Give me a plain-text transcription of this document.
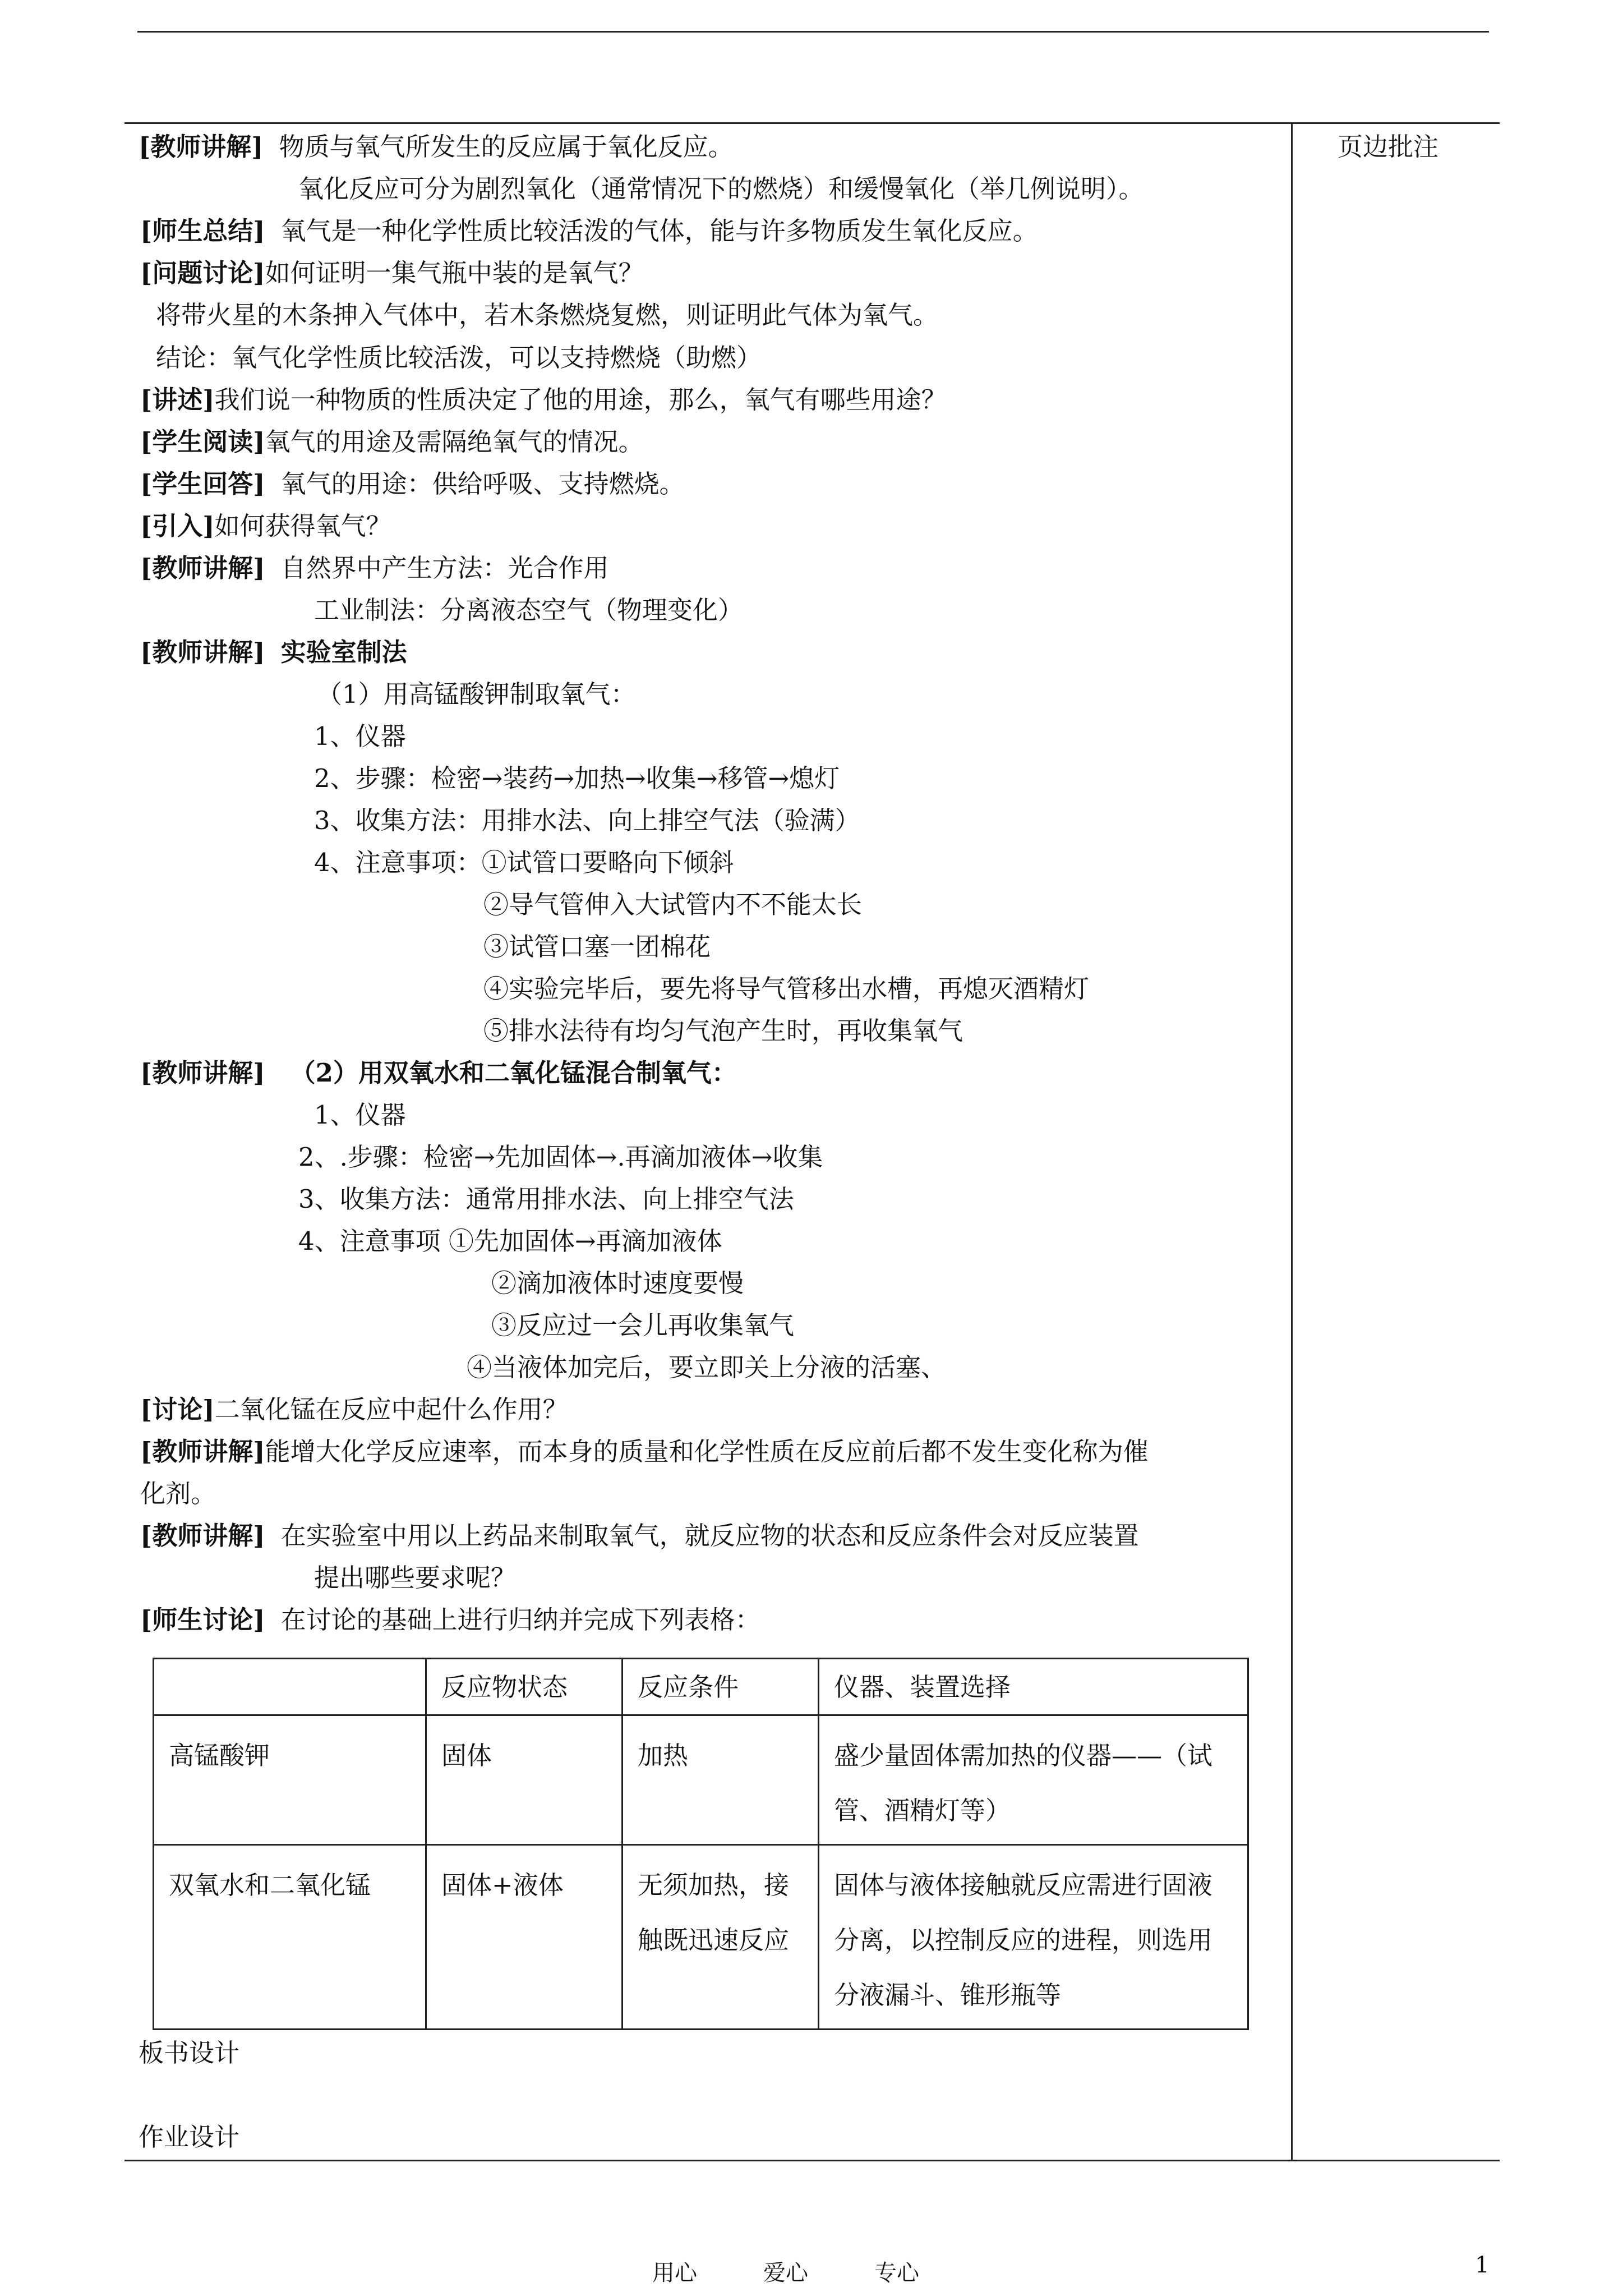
页边批注
[教师讲解] 物质与氧气所发生的反应属于氧化反应。
氧化反应可分为剧烈氧化（通常情况下的燃烧）和缓慢氧化（举几例说明）。
[师生总结] 氧气是一种化学性质比较活泼的气体，能与许多物质发生氧化反应。
[问题讨论]如何证明一集气瓶中装的是氧气？
将带火星的木条抻入气体中，若木条燃烧复燃，则证明此气体为氧气。
结论：氧气化学性质比较活泼，可以支持燃烧（助燃）
[讲述]我们说一种物质的性质决定了他的用途，那么，氧气有哪些用途？
[学生阅读]氧气的用途及需隔绝氧气的情况。
[学生回答] 氧气的用途：供给呼吸、支持燃烧。
[引入]如何获得氧气？
[教师讲解] 自然界中产生方法：光合作用
工业制法：分离液态空气（物理变化）
[教师讲解] 实验室制法
（1）用高锰酸钾制取氧气：
1、仪器
2、步骤：检密→装药→加热→收集→移管→熄灯
3、收集方法：用排水法、向上排空气法（验满）
4、注意事项：①试管口要略向下倾斜
②导气管伸入大试管内不不能太长
③试管口塞一团棉花
④实验完毕后，要先将导气管移出水槽，再熄灭酒精灯
⑤排水法待有均匀气泡产生时，再收集氧气
[教师讲解] （2）用双氧水和二氧化锰混合制氧气：
1、仪器
2、.步骤：检密→先加固体→.再滴加液体→收集
3、收集方法：通常用排水法、向上排空气法
4、注意事项 ①先加固体→再滴加液体
②滴加液体时速度要慢
③反应过一会儿再收集氧气
④当液体加完后，要立即关上分液的活塞、
[讨论]二氧化锰在反应中起什么作用？
[教师讲解]能增大化学反应速率，而本身的质量和化学性质在反应前后都不发生变化称为催
化剂。
[教师讲解] 在实验室中用以上药品来制取氧气，就反应物的状态和反应条件会对反应装置
提出哪些要求呢？
[师生讨论] 在讨论的基础上进行归纳并完成下列表格：
	反应物状态	反应条件	仪器、装置选择
高锰酸钾	固体	加热	盛少量固体需加热的仪器——（试管、酒精灯等）
双氧水和二氧化锰	固体+液体	无须加热，接触既迅速反应	固体与液体接触就反应需进行固液分离，以控制反应的进程，则选用分液漏斗、锥形瓶等
板书设计
作业设计
用心	爱心	专心	1
